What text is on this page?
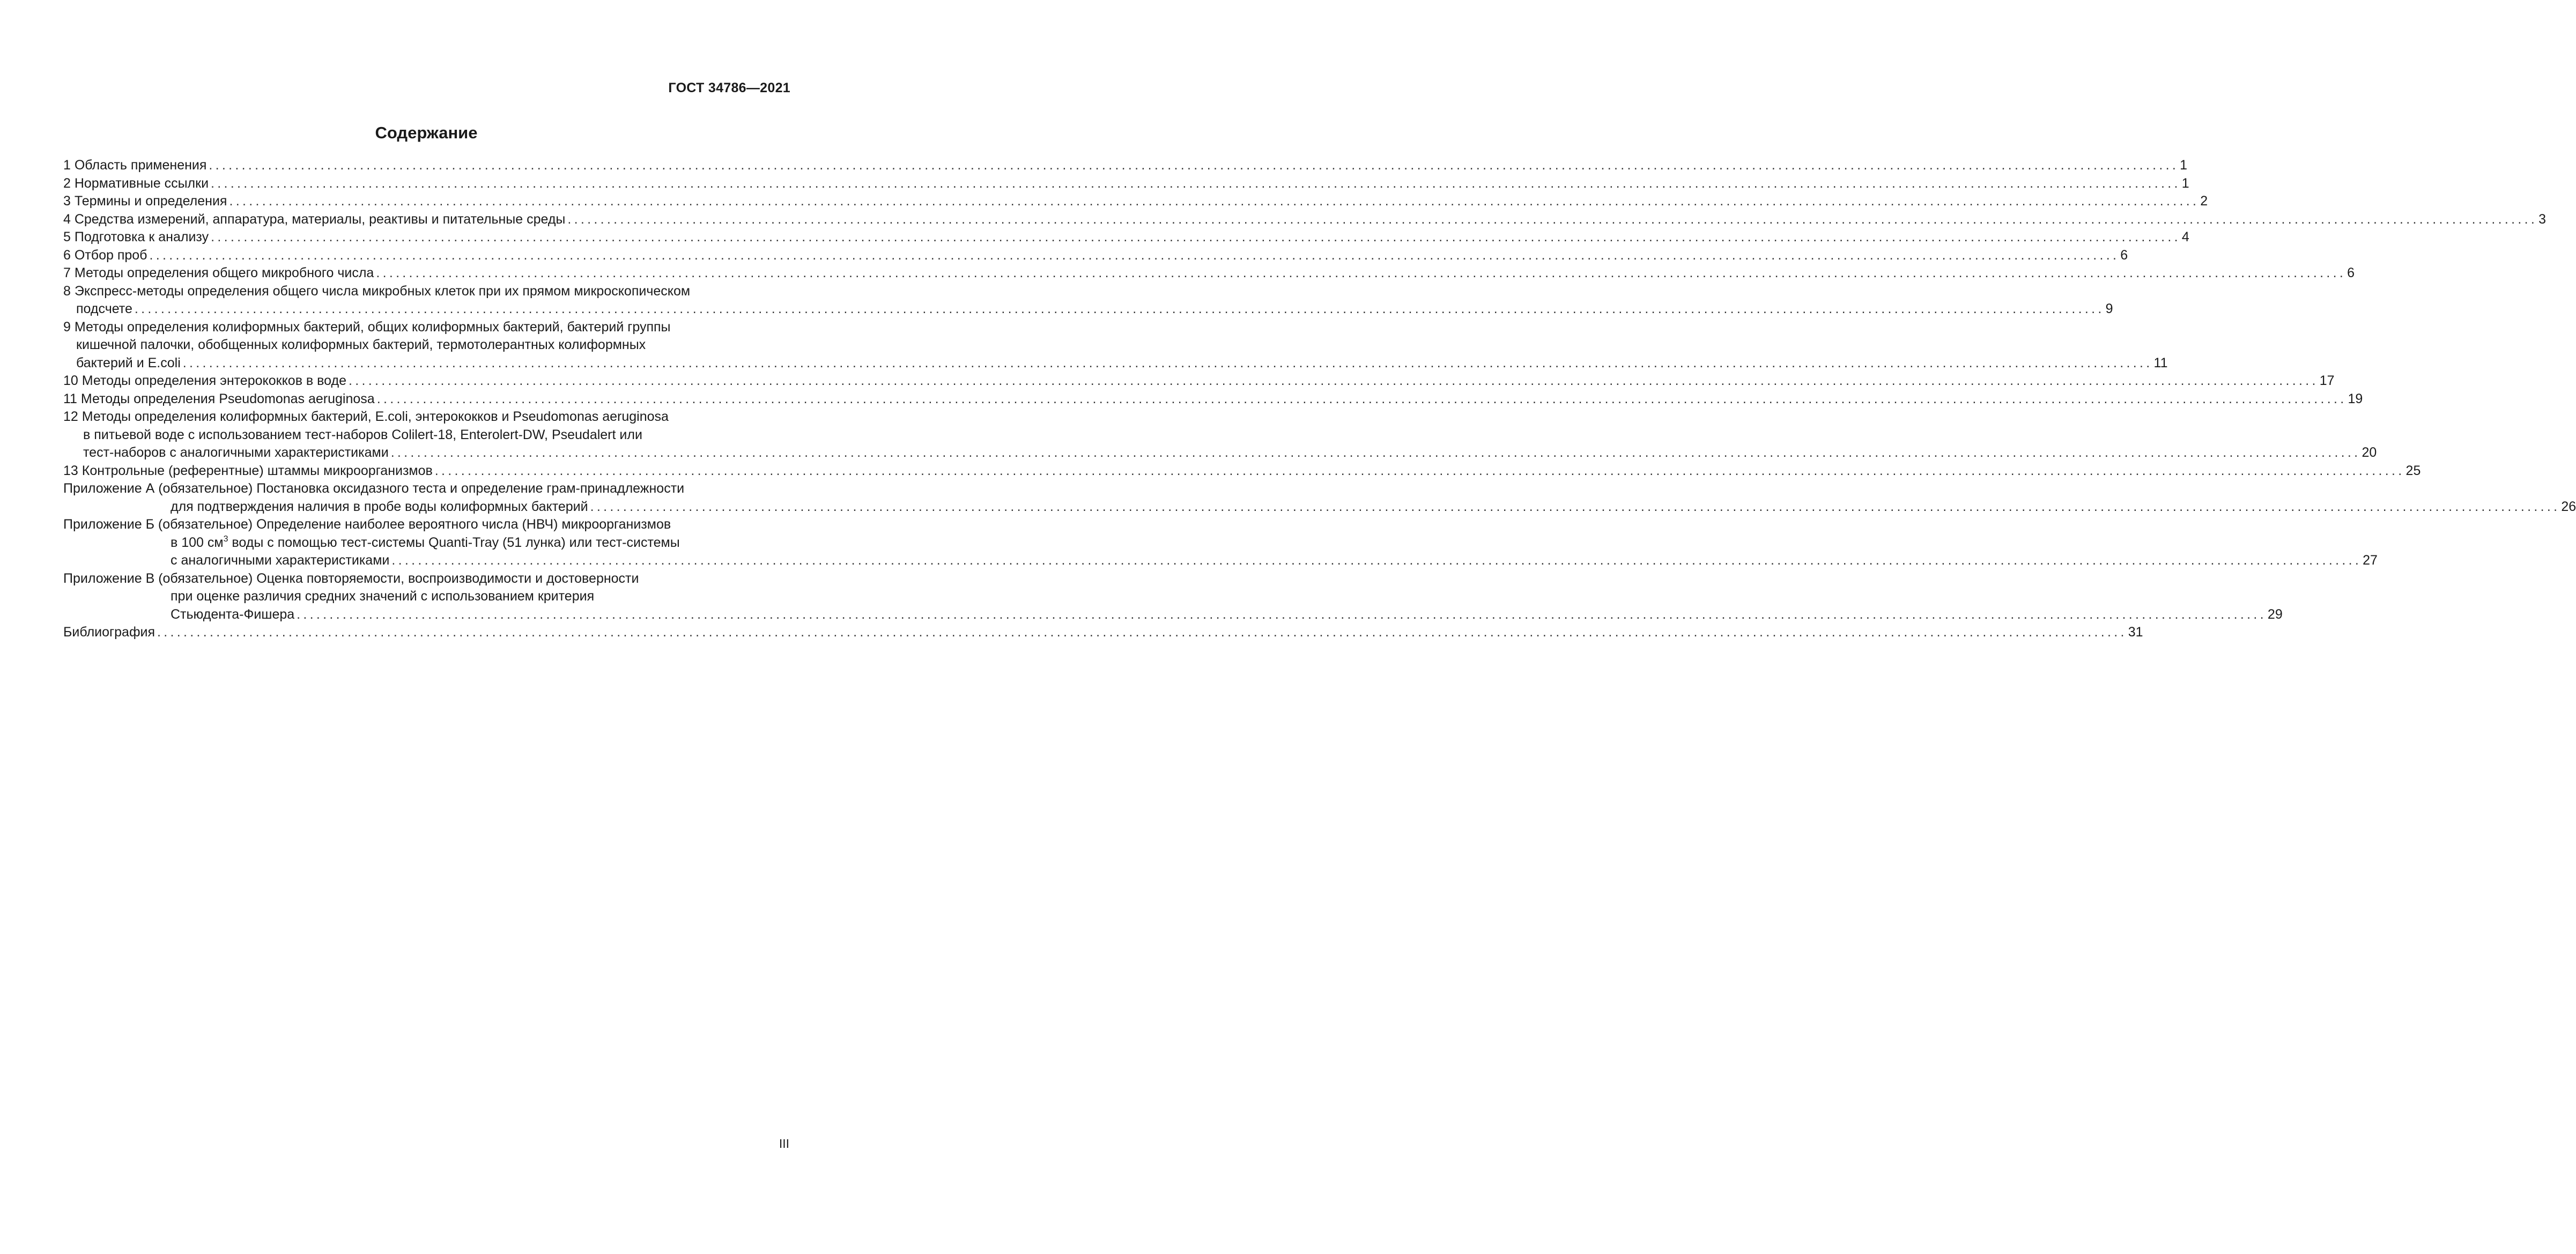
ГОСТ 34786—2021
Содержание
1 Область применения ............................................................................................................................................................................................................................................................................................................ 1
2 Нормативные ссылки ............................................................................................................................................................................................................................................................................................................ 1
3 Термины и определения ............................................................................................................................................................................................................................................................................................................ 2
4 Средства измерений, аппаратура, материалы, реактивы и питательные среды ............................................................................................................................................................................................................................................................................................................ 3
5 Подготовка к анализу ............................................................................................................................................................................................................................................................................................................ 4
6 Отбор проб ............................................................................................................................................................................................................................................................................................................ 6
7 Методы определения общего микробного числа ............................................................................................................................................................................................................................................................................................................ 6
8 Экспресс-методы определения общего числа микробных клеток при их прямом микроскопическом
подсчете ............................................................................................................................................................................................................................................................................................................ 9
9 Методы определения колиформных бактерий, общих колиформных бактерий, бактерий группы
кишечной палочки, обобщенных колиформных бактерий, термотолерантных колиформных
бактерий и E.coli ............................................................................................................................................................................................................................................................................................................ 11
10 Методы определения энтерококков в воде ............................................................................................................................................................................................................................................................................................................ 17
11 Методы определения Pseudomonas aeruginosa ............................................................................................................................................................................................................................................................................................................ 19
12 Методы определения колиформных бактерий, E.coli, энтерококков и Pseudomonas aeruginosa
в питьевой воде с использованием тест-наборов Colilert-18, Enterolert-DW, Pseudalert или
тест-наборов с аналогичными характеристиками ............................................................................................................................................................................................................................................................................................................ 20
13 Контрольные (референтные) штаммы микроорганизмов ............................................................................................................................................................................................................................................................................................................ 25
Приложение А (обязательное) Постановка оксидазного теста и определение грам-принадлежности
для подтверждения наличия в пробе воды колиформных бактерий ............................................................................................................................................................................................................................................................................................................ 26
Приложение Б (обязательное) Определение наиболее вероятного числа (НВЧ) микроорганизмов
в 100 $см^3$ воды с помощью тест-системы Quanti-Tray (51 лунка) или тест-системы
с аналогичными характеристиками ............................................................................................................................................................................................................................................................................................................ 27
Приложение В (обязательное) Оценка повторяемости, воспроизводимости и достоверности
при оценке различия средних значений с использованием критерия
Стьюдента-Фишера ............................................................................................................................................................................................................................................................................................................ 29
Библиография ............................................................................................................................................................................................................................................................................................................ 31
III
